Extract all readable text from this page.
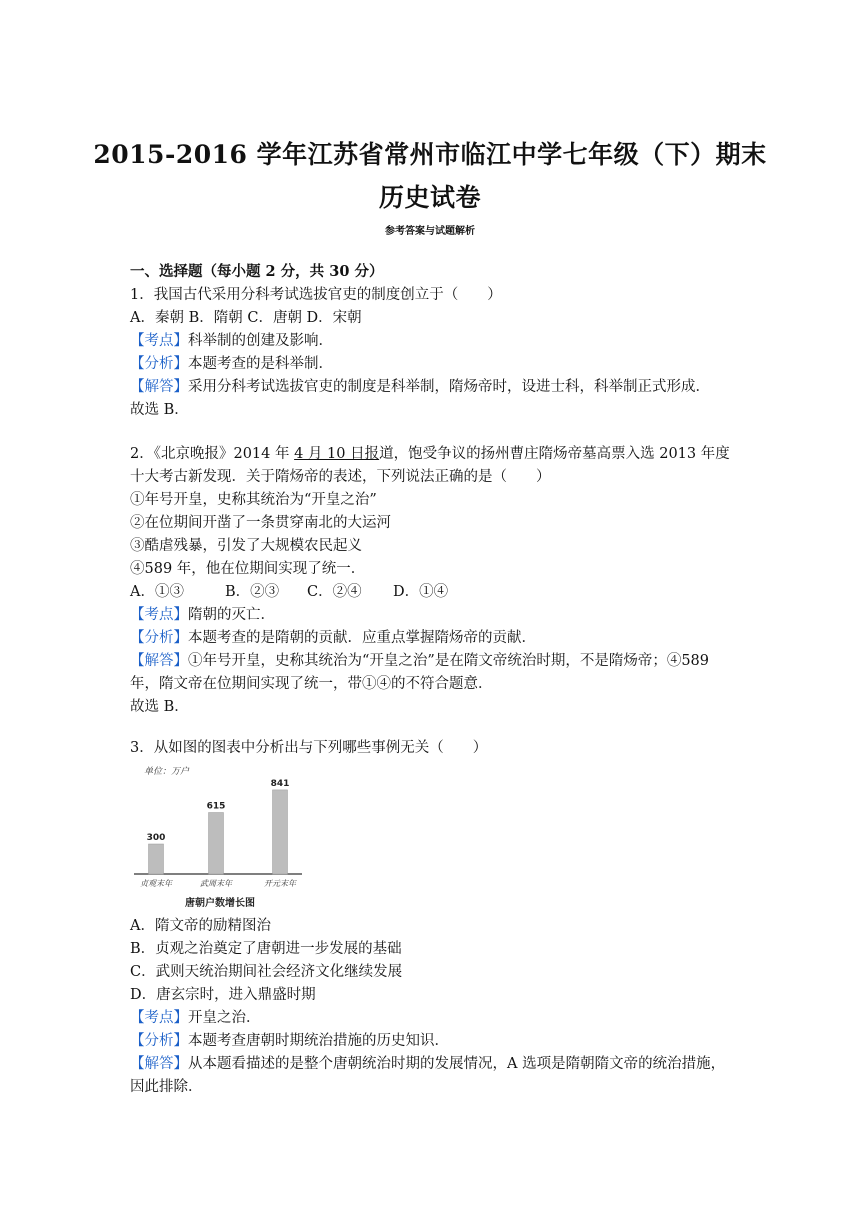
2015-2016 学年江苏省常州市临江中学七年级（下）期末
历史试卷
参考答案与试题解析
一、选择题（每小题 2 分，共 30 分）
1．我国古代采用分科考试选拔官吏的制度创立于（　　）
A．秦朝 B．隋朝 C．唐朝 D．宋朝
【考点】科举制的创建及影响．
【分析】本题考查的是科举制．
【解答】采用分科考试选拔官吏的制度是科举制，隋炀帝时，设进士科，科举制正式形成．
故选 B．
2．《北京晚报》2014 年 4 月 10 日报道，饱受争议的扬州曹庄隋炀帝墓高票入选 2013 年度
十大考古新发现．关于隋炀帝的表述，下列说法正确的是（　　）
①年号开皇，史称其统治为“开皇之治”
②在位期间开凿了一条贯穿南北的大运河
③酷虐残暴，引发了大规模农民起义
④589 年，他在位期间实现了统一．
A．①③	B．②③ C．②④ D．①④
【考点】隋朝的灭亡．
【分析】本题考查的是隋朝的贡献．应重点掌握隋炀帝的贡献．
【解答】①年号开皇，史称其统治为“开皇之治”是在隋文帝统治时期，不是隋炀帝；④589
年，隋文帝在位期间实现了统一，带①④的不符合题意．
故选 B．
3．从如图的图表中分析出与下列哪些事例无关（　　）
单位：万户
300
贞观末年
615
武周末年
841
开元末年
唐朝户数增长图
A．隋文帝的励精图治
B．贞观之治奠定了唐朝进一步发展的基础
C．武则天统治期间社会经济文化继续发展
D．唐玄宗时，进入鼎盛时期
【考点】开皇之治．
【分析】本题考查唐朝时期统治措施的历史知识．
【解答】从本题看描述的是整个唐朝统治时期的发展情况，A 选项是隋朝隋文帝的统治措施，
因此排除．
